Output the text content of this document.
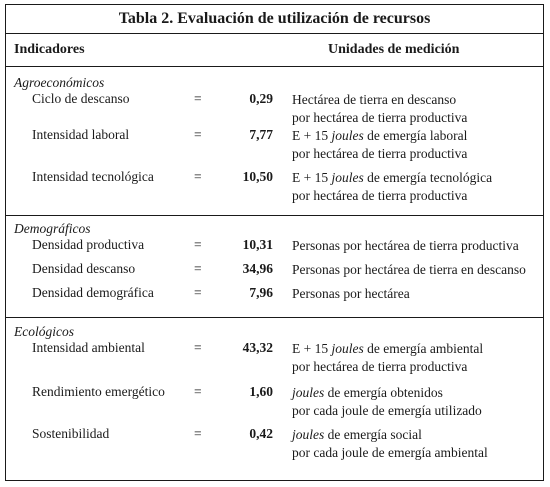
Tabla 2. Evaluación de utilización de recursos
Indicadores	Unidades de medición
Agroeconómicos
Ciclo de descanso	=	0,29 Hectárea de tierra en descanso
por hectárea de tierra productiva
Intensidad laboral	=	7,77 E + 15 joules de emergía laboral
por hectárea de tierra productiva
Intensidad tecnológica	=	10,50 E + 15 joules de emergía tecnológica
por hectárea de tierra productiva
Demográficos
Densidad productiva	=	10,31 Personas por hectárea de tierra productiva
Densidad descanso	=	34,96 Personas por hectárea de tierra en descanso
Densidad demográfica	=	7,96 Personas por hectárea
Ecológicos
Intensidad ambiental	=	43,32 E + 15 joules de emergía ambiental
por hectárea de tierra productiva
Rendimiento emergético =	1,60 joules de emergía obtenidos
por cada joule de emergía utilizado
Sostenibilidad	=	0,42 joules de emergía social
por cada joule de emergía ambiental
